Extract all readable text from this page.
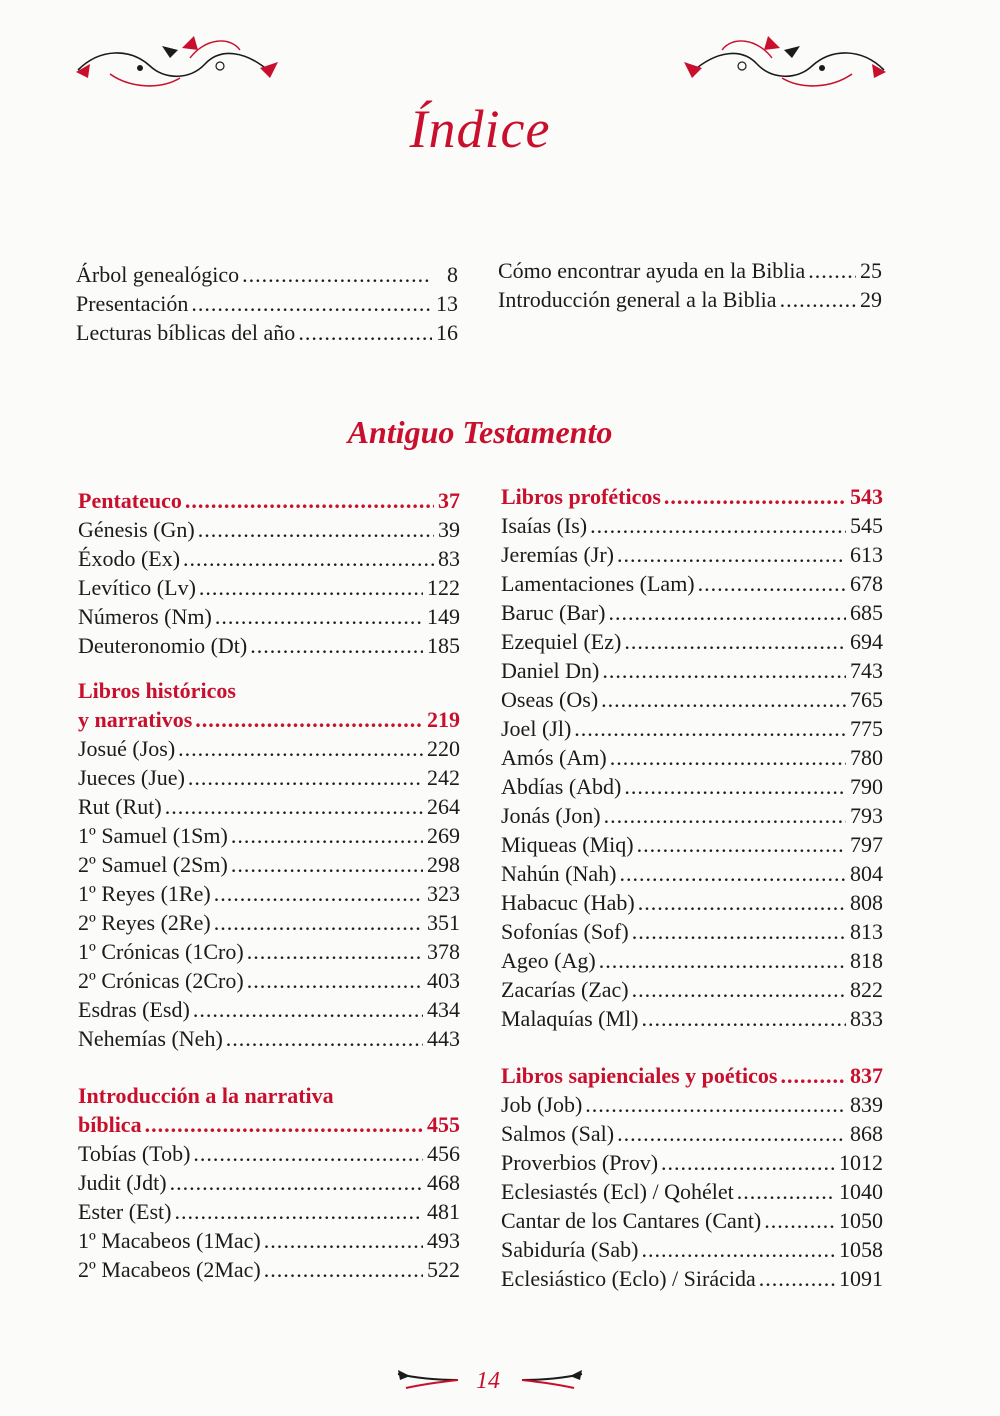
Índice
Árbol genealógico .....	8
Presentación .....	13
Lecturas bíblicas del año .....	16
Cómo encontrar ayuda en la Biblia ..... 25
Introducción general a la Biblia .....	29
Antiguo Testamento
Pentateuco .....	37
Génesis (Gn) .....	39
Éxodo (Ex) .....	83
Levítico (Lv) .....	122
Números (Nm) .....	149
Deuteronomio (Dt) .....	185
Libros históricos
y narrativos .....	219
Josué (Jos) .....	220
Jueces (Jue) .....	242
Rut (Rut) .....	264
1º Samuel (1Sm) .....	269
2º Samuel (2Sm) .....	298
1º Reyes (1Re) .....	323
2º Reyes (2Re) .....	351
1º Crónicas (1Cro) .....	378
2º Crónicas (2Cro) .....	403
Esdras (Esd) .....	434
Nehemías (Neh) .....	443
Introducción a la narrativa
bíblica .....	455
Tobías (Tob) .....	456
Judit (Jdt) .....	468
Ester (Est) .....	481
1º Macabeos (1Mac) .....	493
2º Macabeos (2Mac) .....	522
Libros proféticos .....	543
Isaías (Is) .....	545
Jeremías (Jr) .....	613
Lamentaciones (Lam) .....	678
Baruc (Bar) .....	685
Ezequiel (Ez) .....	694
Daniel Dn) .....	743
Oseas (Os) .....	765
Joel (Jl) .....	775
Amós (Am) .....	780
Abdías (Abd) .....	790
Jonás (Jon) .....	793
Miqueas (Miq) .....	797
Nahún (Nah) .....	804
Habacuc (Hab) .....	808
Sofonías (Sof) .....	813
Ageo (Ag) .....	818
Zacarías (Zac) .....	822
Malaquías (Ml) .....	833
Libros sapienciales y poéticos .....	837
Job (Job) .....	839
Salmos (Sal) .....	868
Proverbios (Prov) .....	1012
Eclesiastés (Ecl) / Qohélet .....	1040
Cantar de los Cantares (Cant) .....	1050
Sabiduría (Sab) .....	1058
Eclesiástico (Eclo) / Sirácida .....	1091
14
